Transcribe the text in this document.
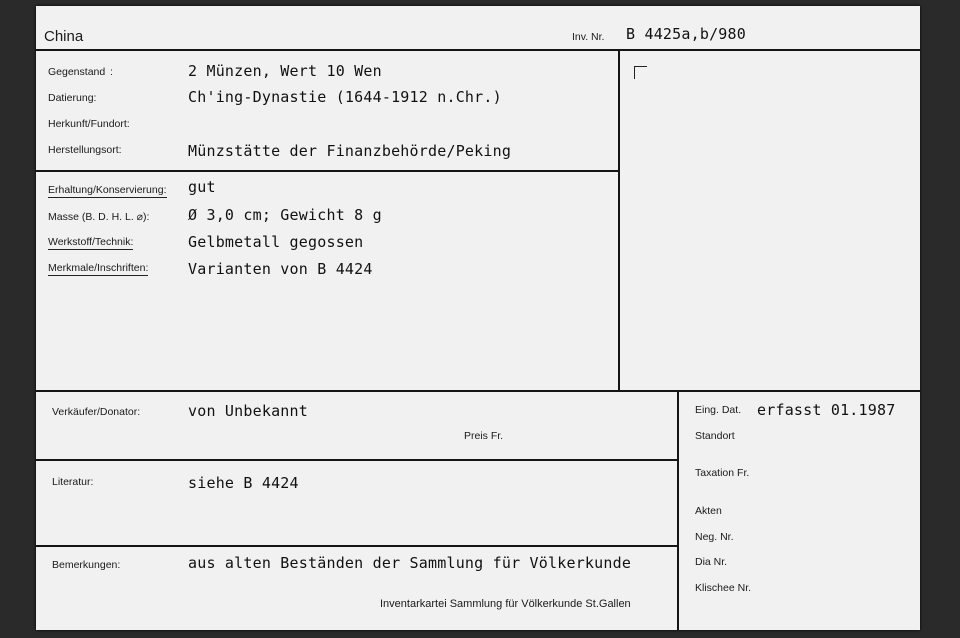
China	Inv. Nr. B 4425a,b/980
Gegenstand :	2 Münzen, Wert 10 Wen
Datierung:	Ch'ing-Dynastie (1644-1912 n.Chr.)
Herkunft/Fundort:
Herstellungsort:	Münzstätte der Finanzbehörde/Peking
Erhaltung/Konservierung: gut
Masse (B. D. H. L. ⌀):	Ø 3,0 cm; Gewicht 8 g
Werkstoff/Technik:	Gelbmetall gegossen
Merkmale/Inschriften:	Varianten von B 4424
Verkäufer/Donator:	von Unbekannt
Preis Fr.
Literatur:	siehe B 4424
Bemerkungen:	aus alten Beständen der Sammlung für Völkerkunde
Inventarkartei Sammlung für Völkerkunde St.Gallen
Eing. Dat. erfasst 01.1987
Standort
Taxation Fr.
Akten
Neg. Nr.
Dia Nr.
Klischee Nr.
